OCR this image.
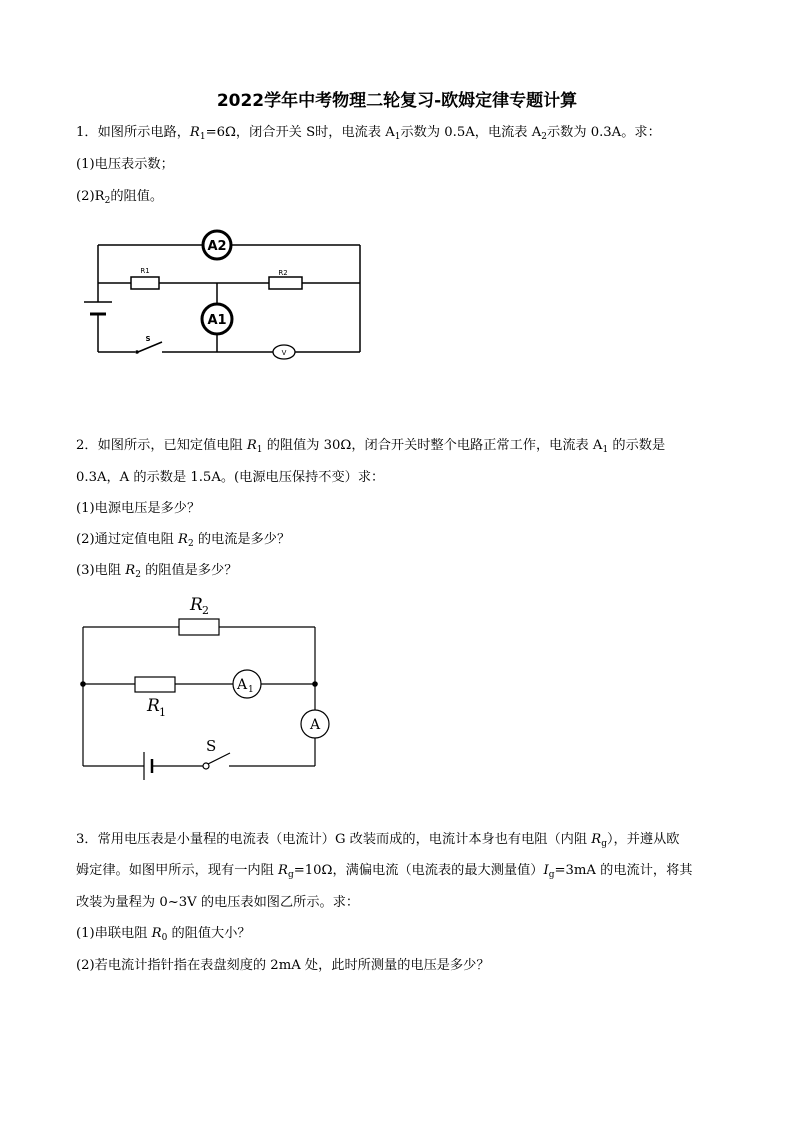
2022学年中考物理二轮复习-欧姆定律专题计算
1．如图所示电路，$R_1=6\Omega$，闭合开关 S时，电流表 $A_1$示数为 0.5A，电流表 $A_2$示数为 0.3A。求：
(1)电压表示数；
$(2)R_2$的阻值。
A2
A1
R1	R2
S
V
2．如图所示，已知定值电阻 $R_1$ 的阻值为 30Ω，闭合开关时整个电路正常工作，电流表 $A_1$ 的示数是
0.3A，A 的示数是 1.5A。(电源电压保持不变）求：
(1)电源电压是多少？
(2)通过定值电阻 $R_2$ 的电流是多少？
(3)电阻 $R_2$ 的阻值是多少？
R 2
R 1
A 1
A
S
3．常用电压表是小量程的电流表（电流计）G 改装而成的，电流计本身也有电阻（内阻 $R_g$），并遵从欧
姆定律。如图甲所示，现有一内阻 $R_g=10\Omega$，满偏电流（电流表的最大测量值）$I_g=3mA$ 的电流计，将其
改装为量程为 0~3V 的电压表如图乙所示。求：
(1)串联电阻 $R_0$ 的阻值大小？
(2)若电流计指针指在表盘刻度的 2mA 处，此时所测量的电压是多少？
